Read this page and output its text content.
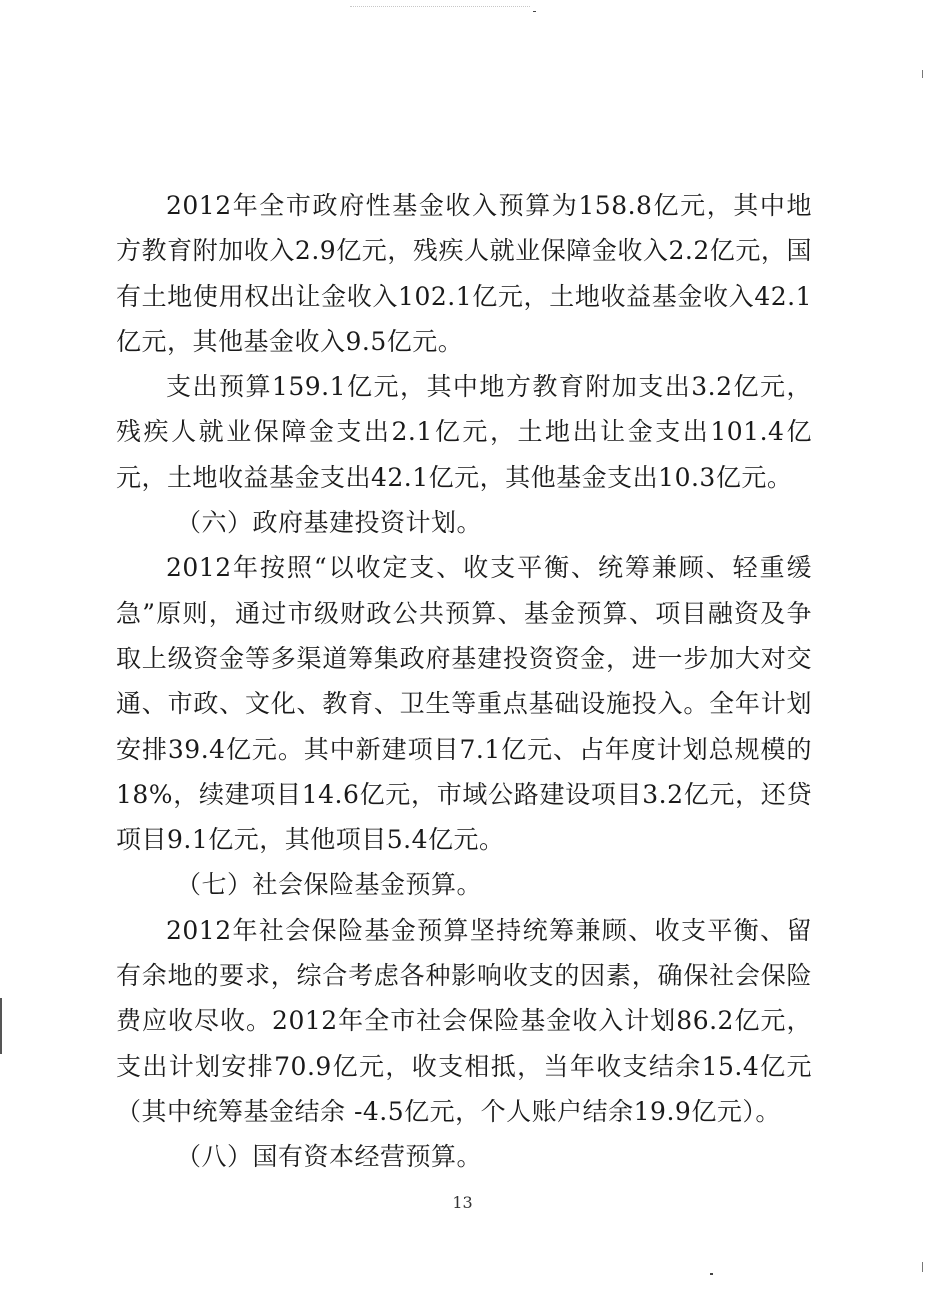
2012年全市政府性基金收入预算为158.8亿元，其中地方教育附加收入2.9亿元，残疾人就业保障金收入2.2亿元，国有土地使用权出让金收入102.1亿元，土地收益基金收入42.1亿元，其他基金收入9.5亿元。

支出预算159.1亿元，其中地方教育附加支出3.2亿元，残疾人就业保障金支出2.1亿元，土地出让金支出101.4亿元，土地收益基金支出42.1亿元，其他基金支出10.3亿元。

（六）政府基建投资计划。

2012年按照“以收定支、收支平衡、统筹兼顾、轻重缓急”原则，通过市级财政公共预算、基金预算、项目融资及争取上级资金等多渠道筹集政府基建投资资金，进一步加大对交通、市政、文化、教育、卫生等重点基础设施投入。全年计划安排39.4亿元。其中新建项目7.1亿元、占年度计划总规模的18%，续建项目14.6亿元，市域公路建设项目3.2亿元，还贷项目9.1亿元，其他项目5.4亿元。

（七）社会保险基金预算。

2012年社会保险基金预算坚持统筹兼顾、收支平衡、留有余地的要求，综合考虑各种影响收支的因素，确保社会保险费应收尽收。2012年全市社会保险基金收入计划86.2亿元，支出计划安排70.9亿元，收支相抵，当年收支结余15.4亿元（其中统筹基金结余 -4.5亿元，个人账户结余19.9亿元）。

（八）国有资本经营预算。

13
